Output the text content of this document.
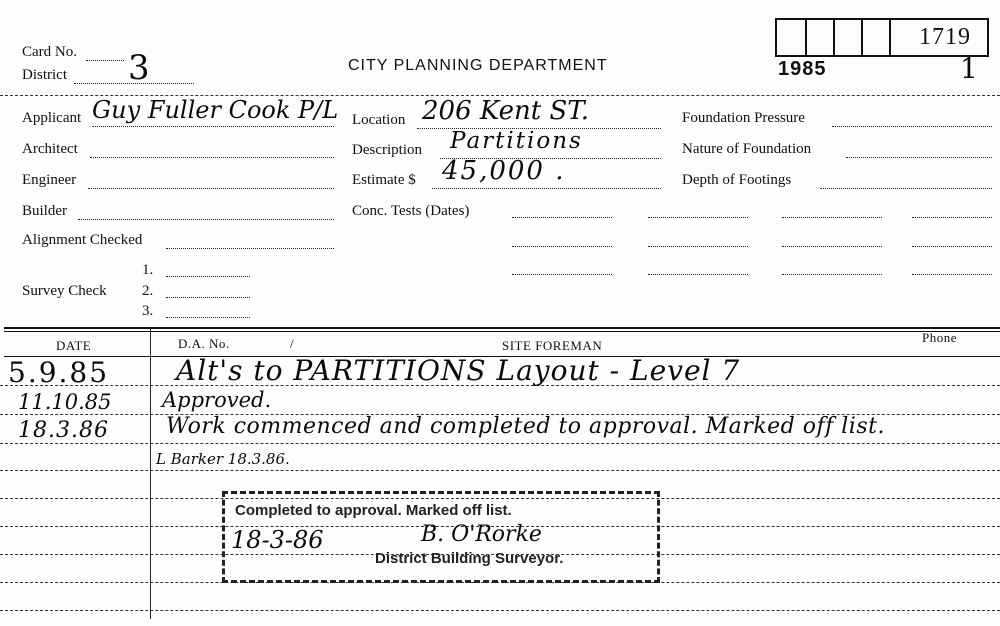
Card No.
District 3	CITY PLANNING DEPARTMENT
1719
1985	1
Applicant Guy Fuller Cook P/L Location 206 Kent ST.	Foundation Pressure
Architect	Description Partitions	Nature of Foundation
Engineer	Estimate $ 45,000 .	Depth of Footings
Builder	Conc. Tests (Dates)
Alignment Checked
1.
Survey Check 2.
3.
DATE	D.A. No.	/	SITE FOREMAN
Phone
5.9.85 Alt's to PARTITIONS Layout - Level 7
11.10.85 Approved.
18.3.86	Work commenced and completed to approval. Marked off list.
L Barker 18.3.86.
Completed to approval. Marked off list.
18-3-86	B. O'Rorke
District Building Surveyor.
